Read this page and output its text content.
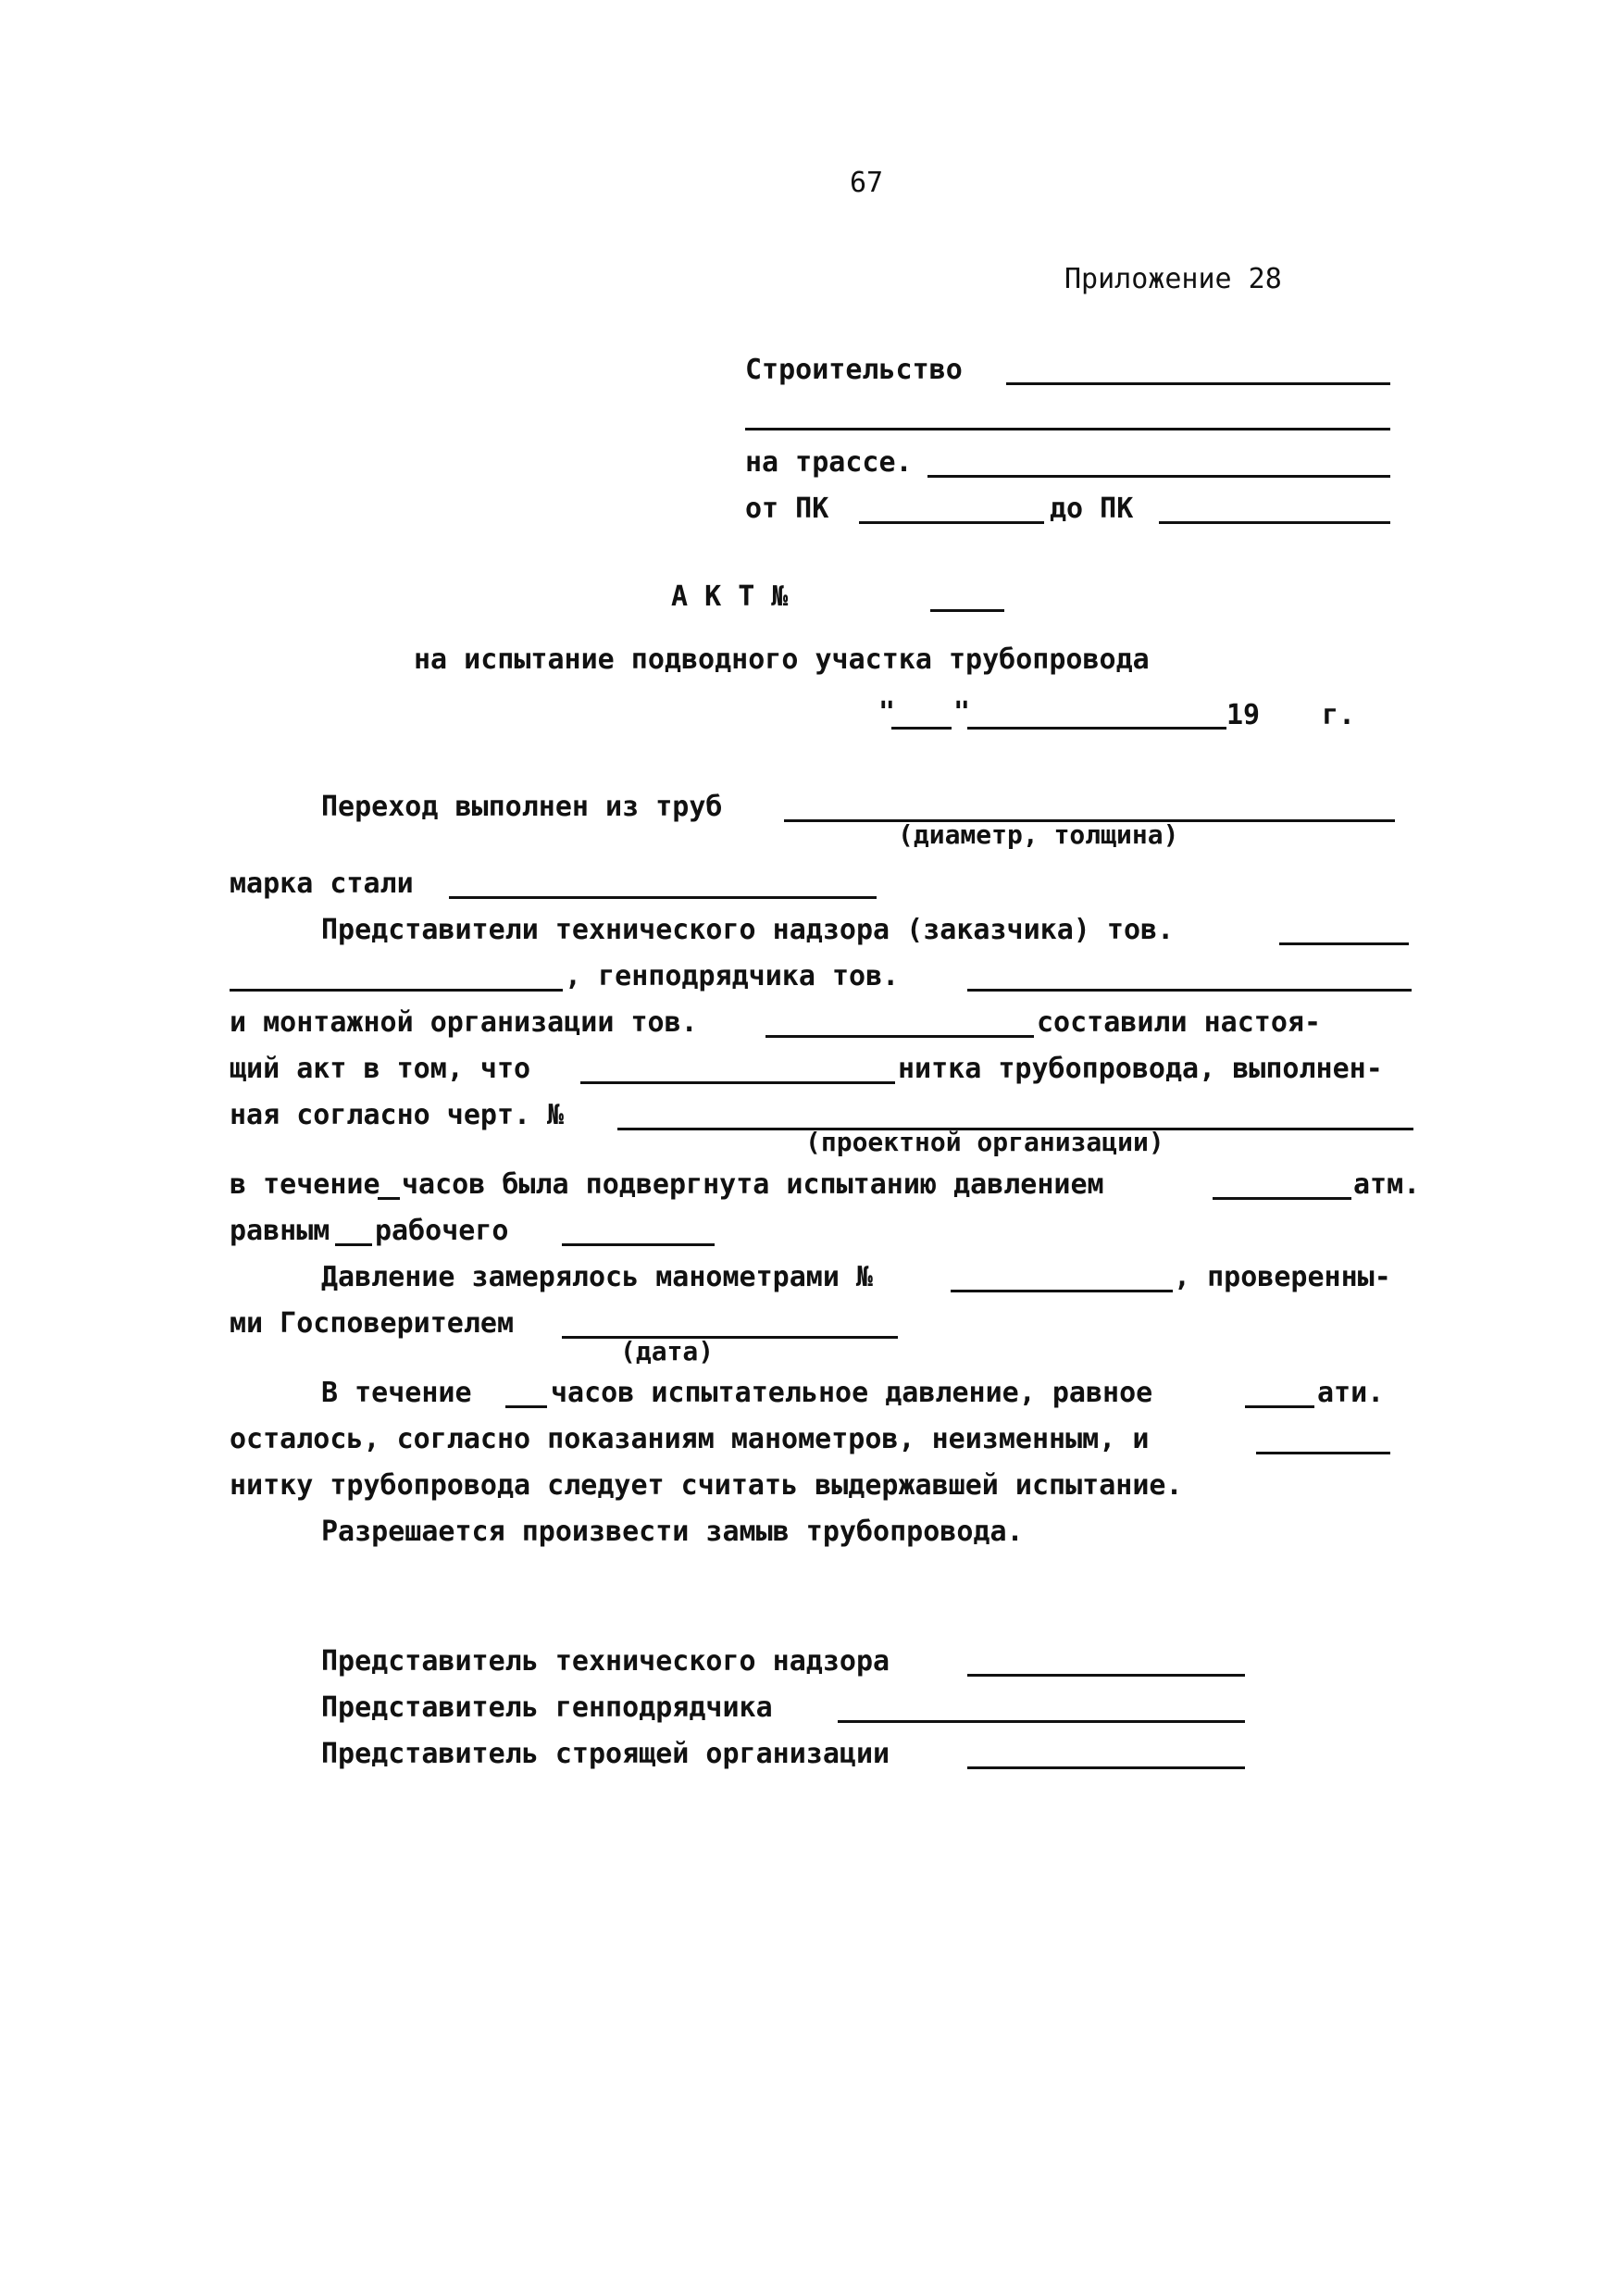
67
Приложение 28
Строительство
на трассе.
от ПК	до ПК
А К Т №
на испытание подводного участка трубопровода
" "	19 г.
Переход выполнен из труб
(диаметр, толщина)
марка стали
Представители технического надзора (заказчика) тов.
, генподрядчика тов.
и монтажной организации тов.	составили настоя-
щий акт в том, что	нитка трубопровода, выполнен-
ная согласно черт. №
(проектной организации)
в течение часов была подвергнута испытанию давлением	атм.
равным рабочего
Давление замерялось манометрами №	, проверенны-
ми Госповерителем
(дата)
В течение	часов испытательное давление, равное	ати.
осталось, согласно показаниям манометров, неизменным, и
нитку трубопровода следует считать выдержавшей испытание.
Разрешается произвести замыв трубопровода.
Представитель технического надзора
Представитель генподрядчика
Представитель строящей организации
